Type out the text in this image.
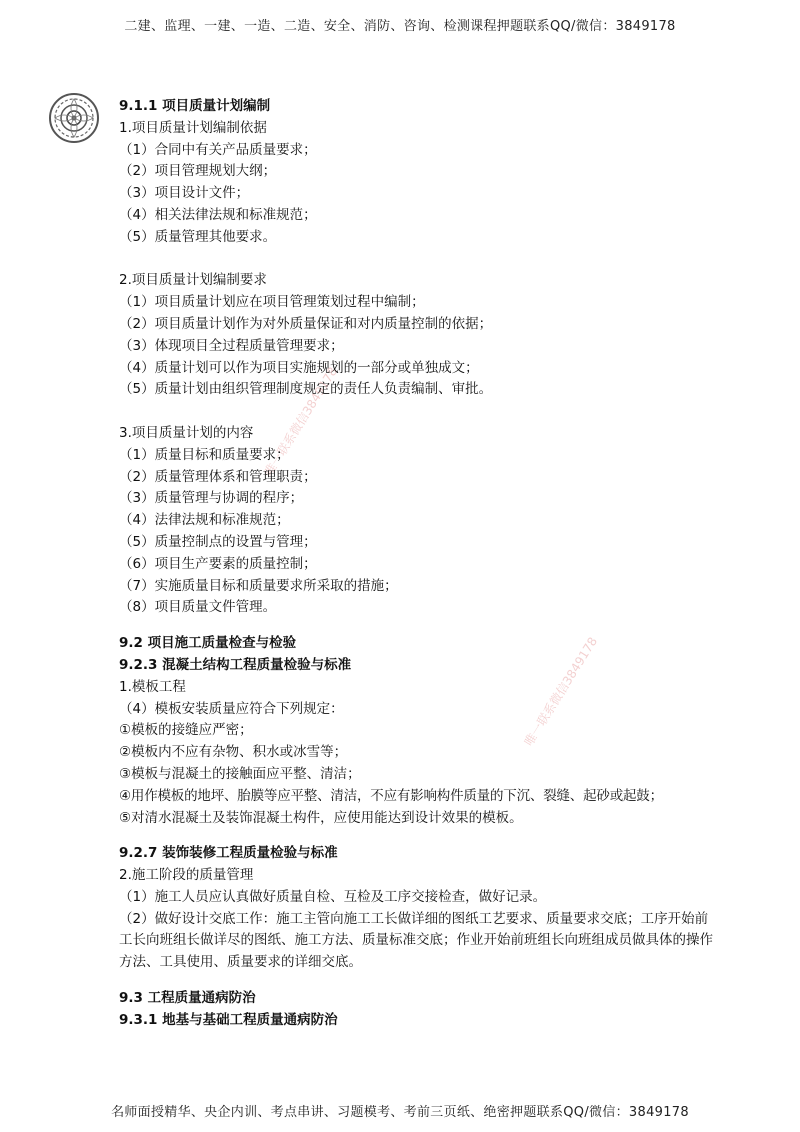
二建、监理、一建、一造、二造、安全、消防、咨询、检测课程押题联系QQ/微信：3849178
唯一联系微信3849178
唯一联系微信3849178
9.1.1 项目质量计划编制
1.项目质量计划编制依据
（1）合同中有关产品质量要求；
（2）项目管理规划大纲；
（3）项目设计文件；
（4）相关法律法规和标准规范；
（5）质量管理其他要求。
2.项目质量计划编制要求
（1）项目质量计划应在项目管理策划过程中编制；
（2）项目质量计划作为对外质量保证和对内质量控制的依据；
（3）体现项目全过程质量管理要求；
（4）质量计划可以作为项目实施规划的一部分或单独成文；
（5）质量计划由组织管理制度规定的责任人负责编制、审批。
3.项目质量计划的内容
（1）质量目标和质量要求；
（2）质量管理体系和管理职责；
（3）质量管理与协调的程序；
（4）法律法规和标准规范；
（5）质量控制点的设置与管理；
（6）项目生产要素的质量控制；
（7）实施质量目标和质量要求所采取的措施；
（8）项目质量文件管理。
9.2 项目施工质量检查与检验
9.2.3 混凝土结构工程质量检验与标准
1.模板工程
（4）模板安装质量应符合下列规定：
①模板的接缝应严密；
②模板内不应有杂物、积水或冰雪等；
③模板与混凝土的接触面应平整、清洁；
④用作模板的地坪、胎膜等应平整、清洁，不应有影响构件质量的下沉、裂缝、起砂或起鼓；
⑤对清水混凝土及装饰混凝土构件，应使用能达到设计效果的模板。
9.2.7 装饰装修工程质量检验与标准
2.施工阶段的质量管理
（1）施工人员应认真做好质量自检、互检及工序交接检查，做好记录。
（2）做好设计交底工作：施工主管向施工工长做详细的图纸工艺要求、质量要求交底；工序开始前工长向班组长做详尽的图纸、施工方法、质量标准交底；作业开始前班组长向班组成员做具体的操作方法、工具使用、质量要求的详细交底。
9.3 工程质量通病防治
9.3.1 地基与基础工程质量通病防治
名师面授精华、央企内训、考点串讲、习题模考、考前三页纸、绝密押题联系QQ/微信：3849178
